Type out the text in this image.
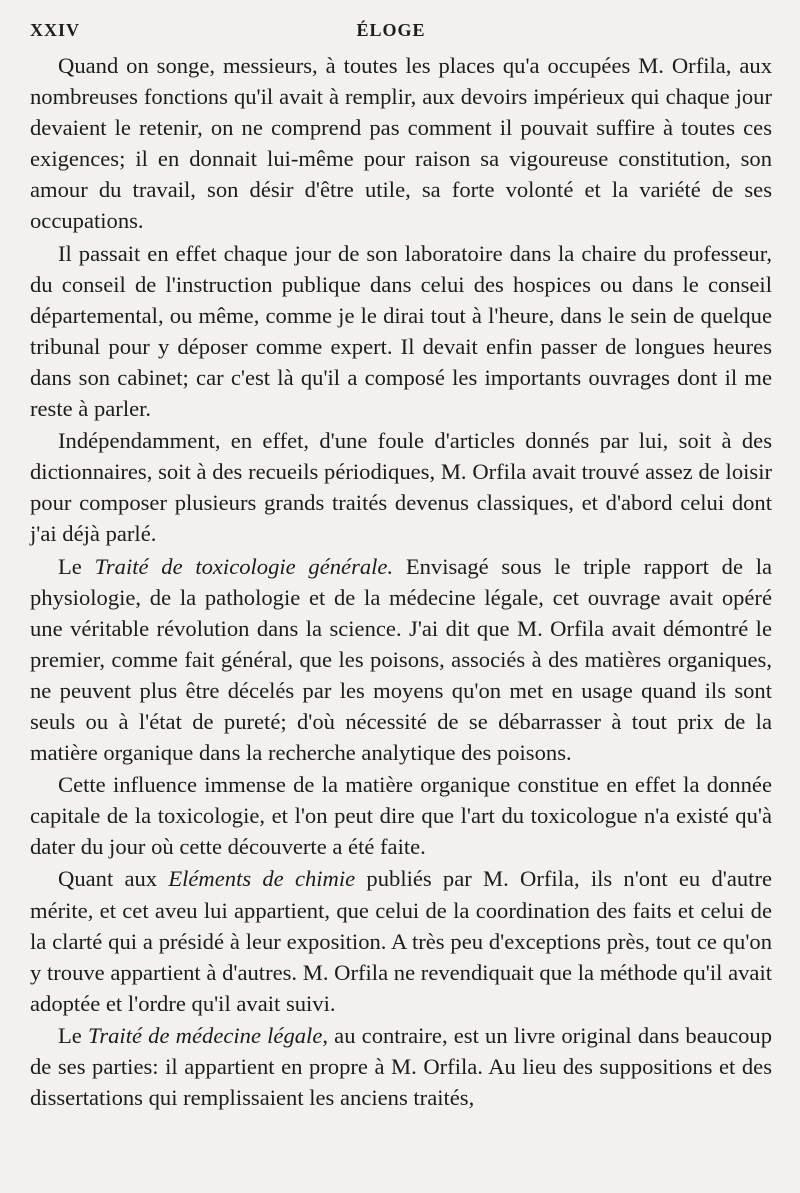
XXIV	ÉLOGE

Quand on songe, messieurs, à toutes les places qu'a occupées M. Orfila, aux nombreuses fonctions qu'il avait à remplir, aux devoirs impérieux qui chaque jour devaient le retenir, on ne comprend pas comment il pouvait suffire à toutes ces exigences; il en donnait lui-même pour raison sa vigoureuse constitution, son amour du travail, son désir d'être utile, sa forte volonté et la variété de ses occupations.

Il passait en effet chaque jour de son laboratoire dans la chaire du professeur, du conseil de l'instruction publique dans celui des hospices ou dans le conseil départemental, ou même, comme je le dirai tout à l'heure, dans le sein de quelque tribunal pour y déposer comme expert. Il devait enfin passer de longues heures dans son cabinet; car c'est là qu'il a composé les importants ouvrages dont il me reste à parler.

Indépendamment, en effet, d'une foule d'articles donnés par lui, soit à des dictionnaires, soit à des recueils périodiques, M. Orfila avait trouvé assez de loisir pour composer plusieurs grands traités devenus classiques, et d'abord celui dont j'ai déjà parlé.

Le Traité de toxicologie générale. Envisagé sous le triple rapport de la physiologie, de la pathologie et de la médecine légale, cet ouvrage avait opéré une véritable révolution dans la science. J'ai dit que M. Orfila avait démontré le premier, comme fait général, que les poisons, associés à des matières organiques, ne peuvent plus être décelés par les moyens qu'on met en usage quand ils sont seuls ou à l'état de pureté; d'où nécessité de se débarrasser à tout prix de la matière organique dans la recherche analytique des poisons.

Cette influence immense de la matière organique constitue en effet la donnée capitale de la toxicologie, et l'on peut dire que l'art du toxicologue n'a existé qu'à dater du jour où cette découverte a été faite.

Quant aux Eléments de chimie publiés par M. Orfila, ils n'ont eu d'autre mérite, et cet aveu lui appartient, que celui de la coordination des faits et celui de la clarté qui a présidé à leur exposition. A très peu d'exceptions près, tout ce qu'on y trouve appartient à d'autres. M. Orfila ne revendiquait que la méthode qu'il avait adoptée et l'ordre qu'il avait suivi.

Le Traité de médecine légale, au contraire, est un livre original dans beaucoup de ses parties: il appartient en propre à M. Orfila. Au lieu des suppositions et des dissertations qui remplissaient les anciens traités,
